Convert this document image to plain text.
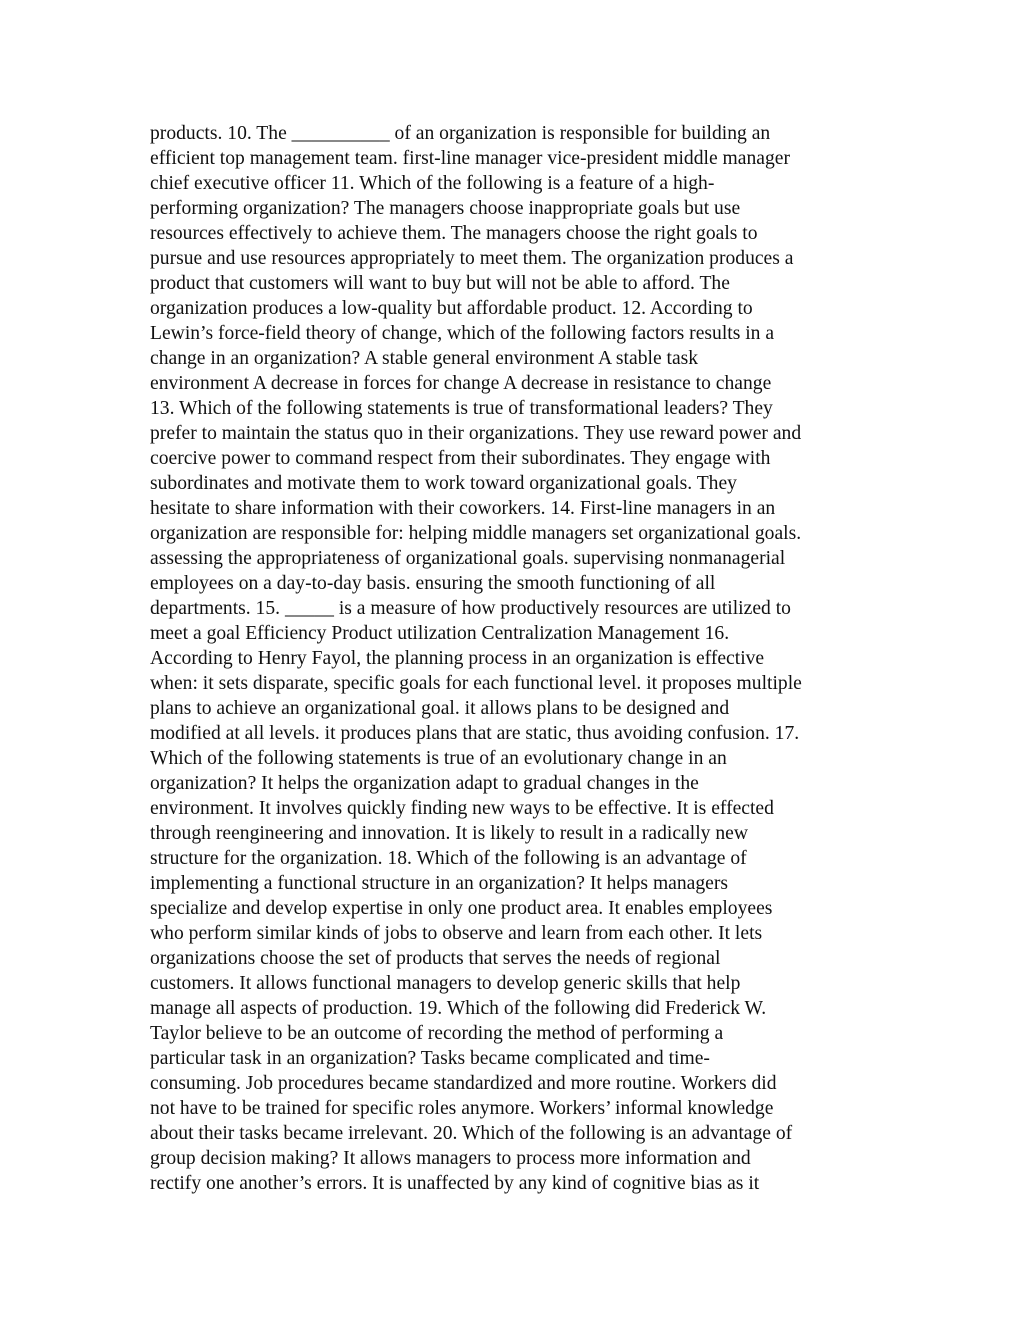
products. 10. The __________ of an organization is responsible for building an
efficient top management team. first-line manager vice-president middle manager
chief executive officer 11. Which of the following is a feature of a high-
performing organization? The managers choose inappropriate goals but use
resources effectively to achieve them. The managers choose the right goals to
pursue and use resources appropriately to meet them. The organization produces a
product that customers will want to buy but will not be able to afford. The
organization produces a low-quality but affordable product. 12. According to
Lewin’s force-field theory of change, which of the following factors results in a
change in an organization? A stable general environment A stable task
environment A decrease in forces for change A decrease in resistance to change
13. Which of the following statements is true of transformational leaders? They
prefer to maintain the status quo in their organizations. They use reward power and
coercive power to command respect from their subordinates. They engage with
subordinates and motivate them to work toward organizational goals. They
hesitate to share information with their coworkers. 14. First-line managers in an
organization are responsible for: helping middle managers set organizational goals.
assessing the appropriateness of organizational goals. supervising nonmanagerial
employees on a day-to-day basis. ensuring the smooth functioning of all
departments. 15. _____ is a measure of how productively resources are utilized to
meet a goal Efficiency Product utilization Centralization Management 16.
According to Henry Fayol, the planning process in an organization is effective
when: it sets disparate, specific goals for each functional level. it proposes multiple
plans to achieve an organizational goal. it allows plans to be designed and
modified at all levels. it produces plans that are static, thus avoiding confusion. 17.
Which of the following statements is true of an evolutionary change in an
organization? It helps the organization adapt to gradual changes in the
environment. It involves quickly finding new ways to be effective. It is effected
through reengineering and innovation. It is likely to result in a radically new
structure for the organization. 18. Which of the following is an advantage of
implementing a functional structure in an organization? It helps managers
specialize and develop expertise in only one product area. It enables employees
who perform similar kinds of jobs to observe and learn from each other. It lets
organizations choose the set of products that serves the needs of regional
customers. It allows functional managers to develop generic skills that help
manage all aspects of production. 19. Which of the following did Frederick W.
Taylor believe to be an outcome of recording the method of performing a
particular task in an organization? Tasks became complicated and time-
consuming. Job procedures became standardized and more routine. Workers did
not have to be trained for specific roles anymore. Workers’ informal knowledge
about their tasks became irrelevant. 20. Which of the following is an advantage of
group decision making? It allows managers to process more information and
rectify one another’s errors. It is unaffected by any kind of cognitive bias as it
